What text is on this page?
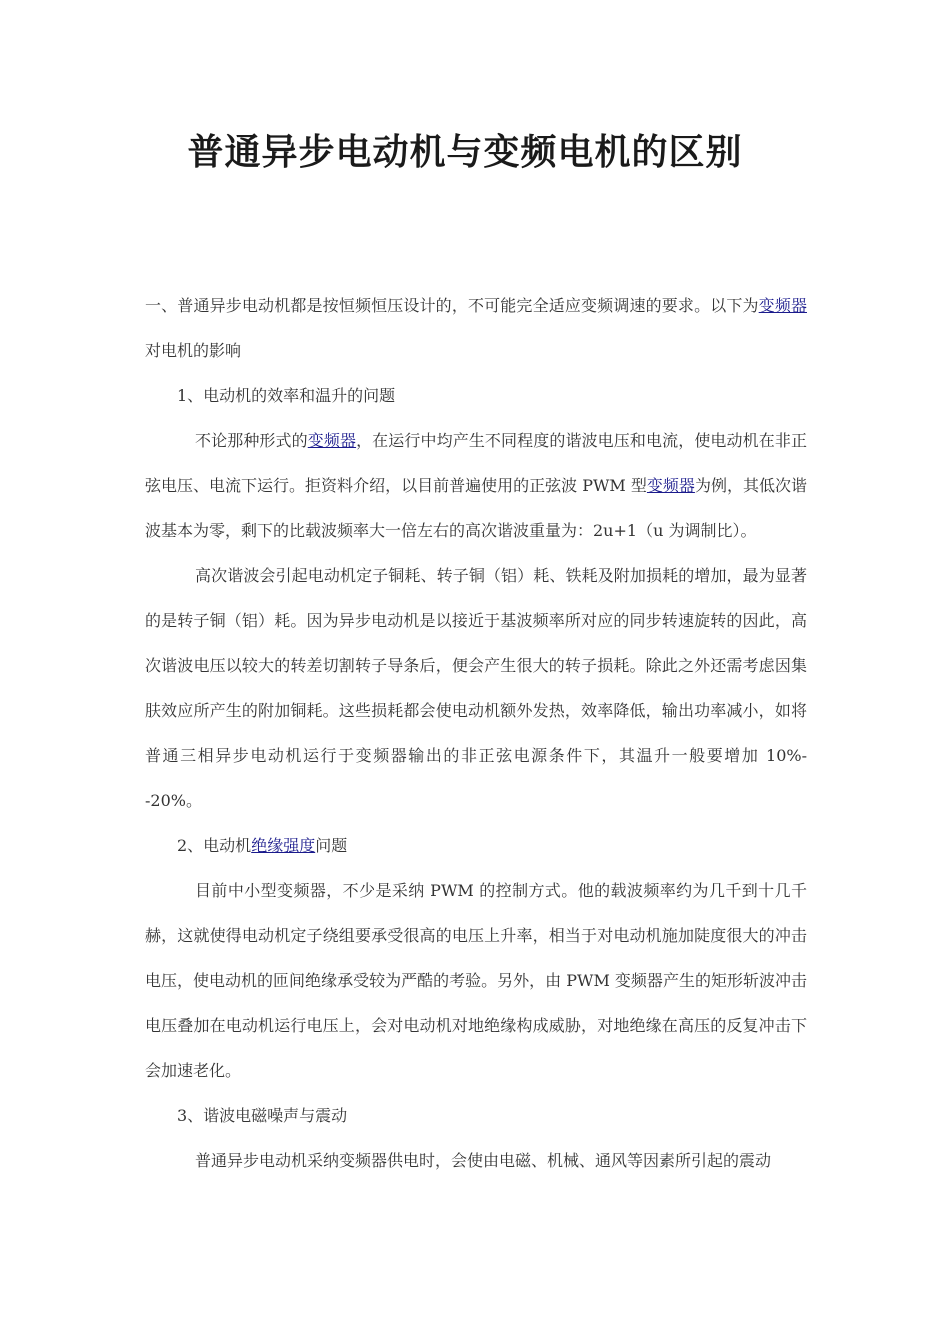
普通异步电动机与变频电机的区别

一、普通异步电动机都是按恒频恒压设计的，不可能完全适应变频调速的要求。以下为变频器对电机的影响

1、电动机的效率和温升的问题

不论那种形式的变频器，在运行中均产生不同程度的谐波电压和电流，使电动机在非正弦电压、电流下运行。拒资料介绍，以目前普遍使用的正弦波 PWM 型变频器为例，其低次谐波基本为零，剩下的比载波频率大一倍左右的高次谐波重量为：2u+1（u 为调制比）。

高次谐波会引起电动机定子铜耗、转子铜（铝）耗、铁耗及附加损耗的增加，最为显著的是转子铜（铝）耗。因为异步电动机是以接近于基波频率所对应的同步转速旋转的因此，高次谐波电压以较大的转差切割转子导条后，便会产生很大的转子损耗。除此之外还需考虑因集肤效应所产生的附加铜耗。这些损耗都会使电动机额外发热，效率降低，输出功率减小，如将普通三相异步电动机运行于变频器输出的非正弦电源条件下，其温升一般要增加 10%--20%。

2、电动机绝缘强度问题

目前中小型变频器，不少是采纳 PWM 的控制方式。他的载波频率约为几千到十几千赫，这就使得电动机定子绕组要承受很高的电压上升率，相当于对电动机施加陡度很大的冲击电压，使电动机的匝间绝缘承受较为严酷的考验。另外，由 PWM 变频器产生的矩形斩波冲击电压叠加在电动机运行电压上，会对电动机对地绝缘构成威胁，对地绝缘在高压的反复冲击下会加速老化。

3、谐波电磁噪声与震动

普通异步电动机采纳变频器供电时，会使由电磁、机械、通风等因素所引起的震动
